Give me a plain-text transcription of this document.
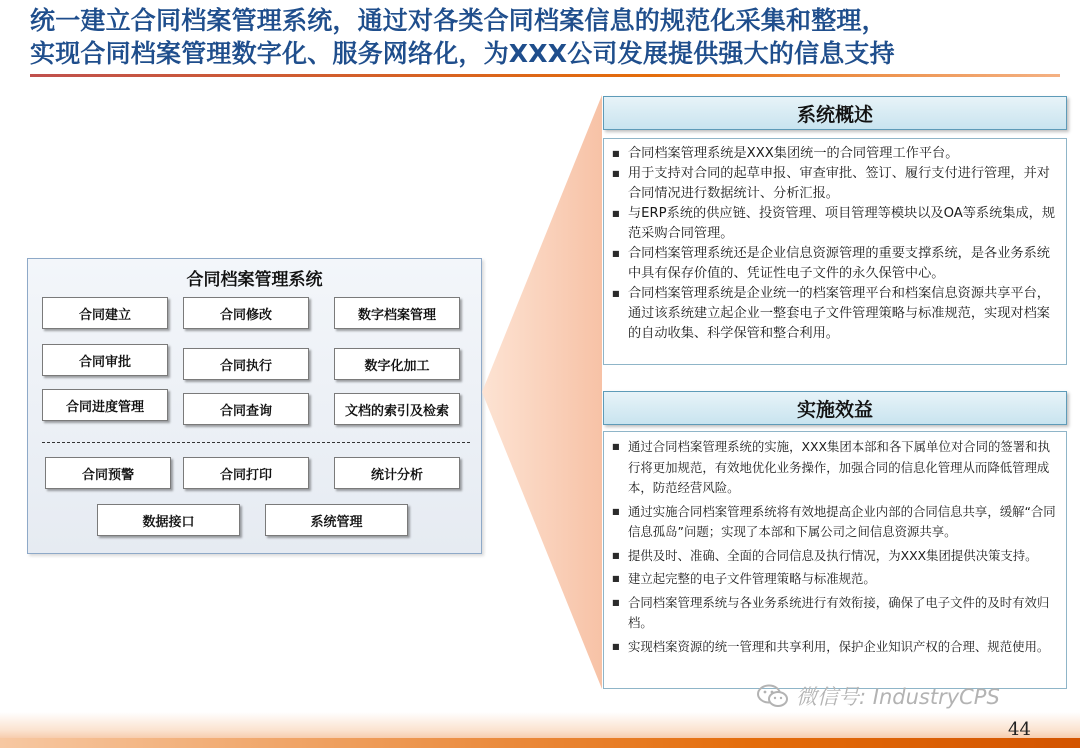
统一建立合同档案管理系统，通过对各类合同档案信息的规范化采集和整理，
实现合同档案管理数字化、服务网络化，为XXX公司发展提供强大的信息支持
合同档案管理系统
合同建立	合同修改	数字档案管理
合同审批	合同执行	数字化加工
合同进度管理	合同查询	文档的索引及检索
合同预警	合同打印	统计分析
数据接口	系统管理
系统概述
■ 合同档案管理系统是XXX集团统一的合同管理工作平台。
■ 用于支持对合同的起草申报、审查审批、签订、履行支付进行管理，并对合同情况进行数据统计、分析汇报。
■ 与ERP系统的供应链、投资管理、项目管理等模块以及OA等系统集成，规范采购合同管理。
■ 合同档案管理系统还是企业信息资源管理的重要支撑系统，是各业务系统中具有保存价值的、凭证性电子文件的永久保管中心。
■ 合同档案管理系统是企业统一的档案管理平台和档案信息资源共享平台，通过该系统建立起企业一整套电子文件管理策略与标准规范，实现对档案的自动收集、科学保管和整合利用。
实施效益
■ 通过合同档案管理系统的实施，XXX集团本部和各下属单位对合同的签署和执行将更加规范，有效地优化业务操作，加强合同的信息化管理从而降低管理成本，防范经营风险。
■ 通过实施合同档案管理系统将有效地提高企业内部的合同信息共享，缓解“合同信息孤岛”问题；实现了本部和下属公司之间信息资源共享。
■ 提供及时、准确、全面的合同信息及执行情况，为XXX集团提供决策支持。
■ 建立起完整的电子文件管理策略与标准规范。
■ 合同档案管理系统与各业务系统进行有效衔接，确保了电子文件的及时有效归档。
■ 实现档案资源的统一管理和共享利用，保护企业知识产权的合理、规范使用。
微信号: IndustryCPS
44
